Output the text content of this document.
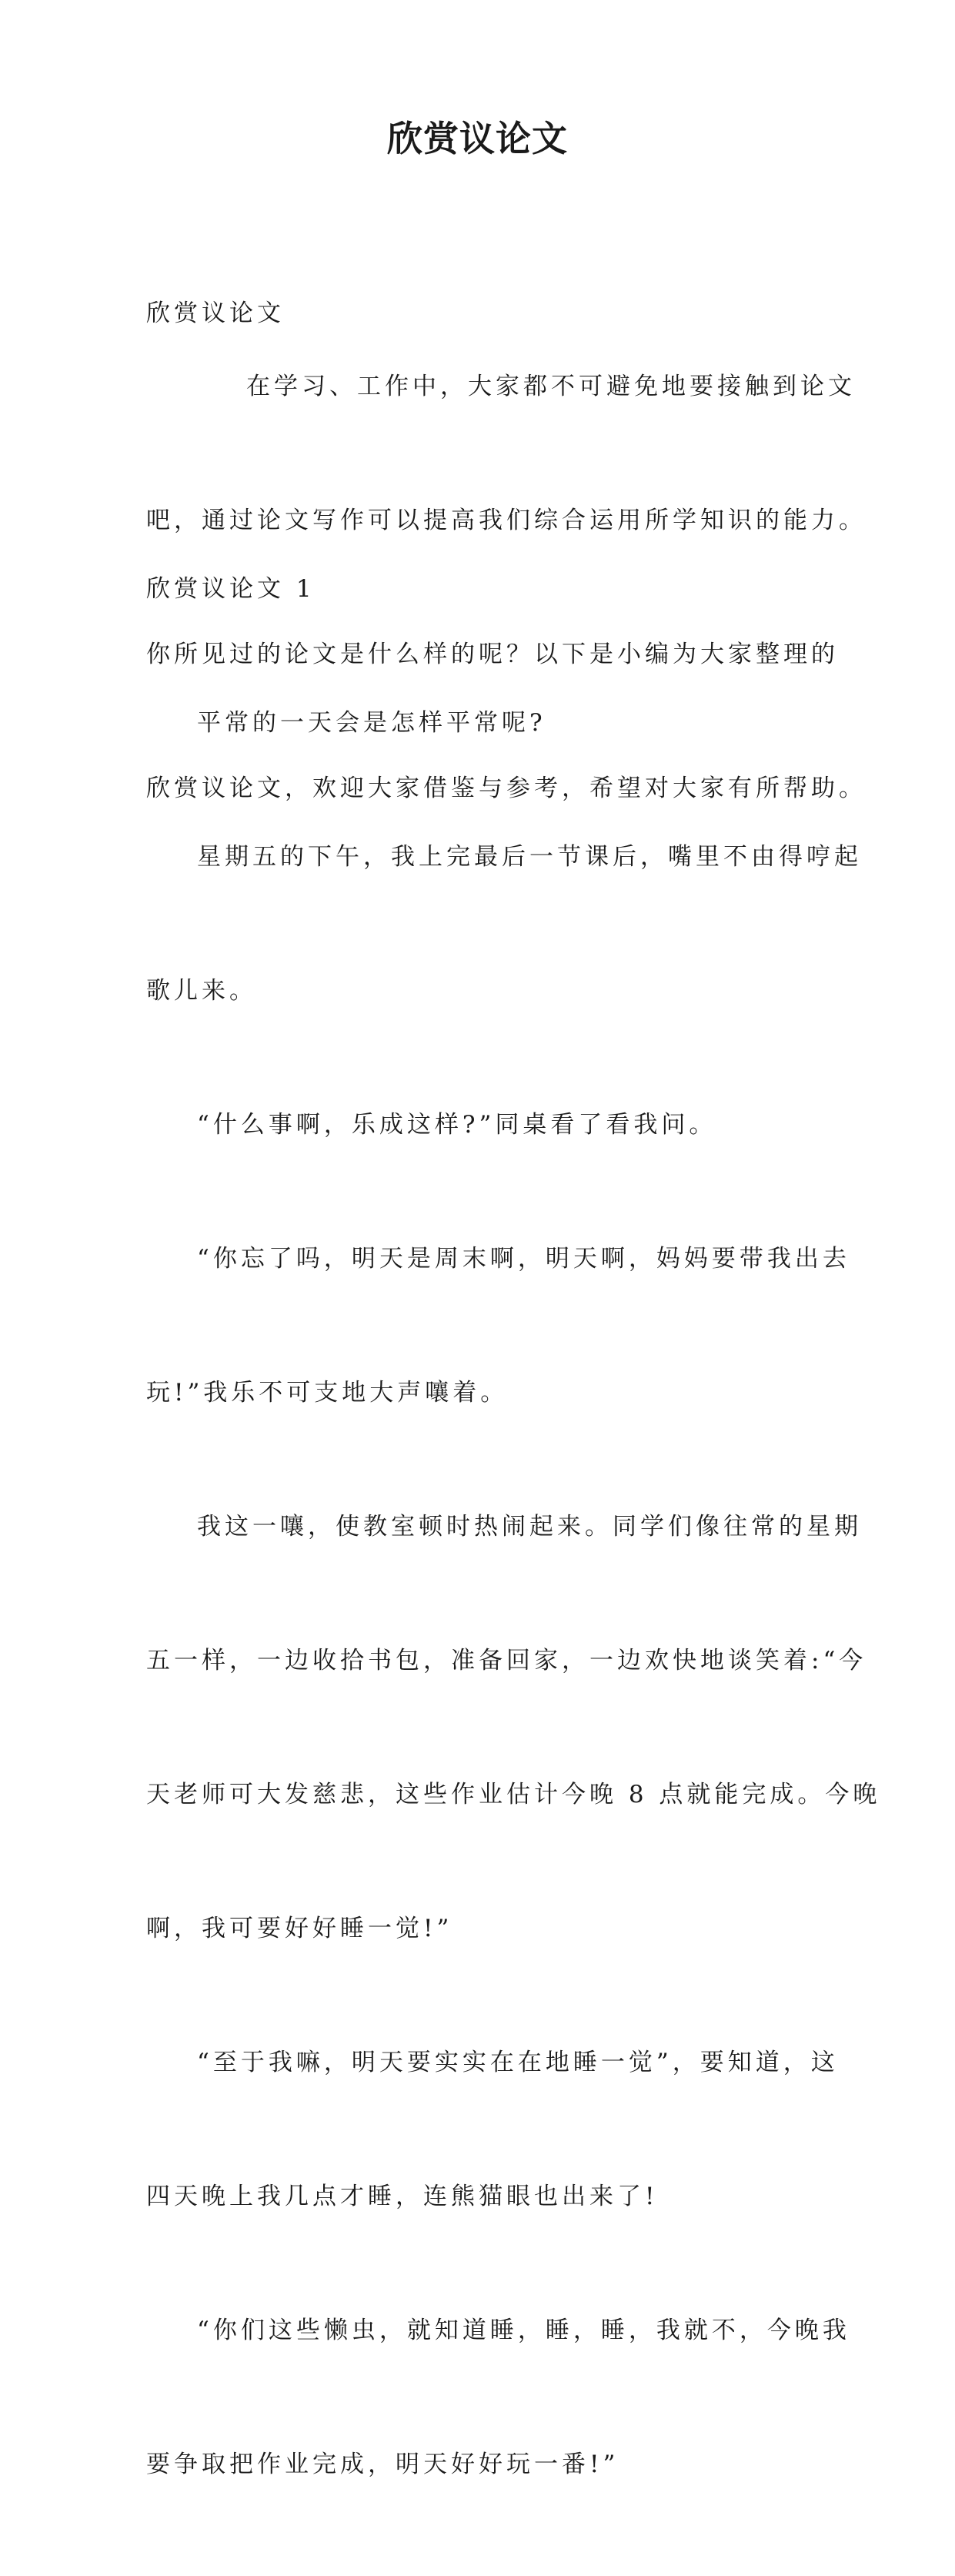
欣赏议论文

欣赏议论文

在学习、工作中，大家都不可避免地要接触到论文

吧，通过论文写作可以提高我们综合运用所学知识的能力。

你所见过的论文是什么样的呢？以下是小编为大家整理的

欣赏议论文，欢迎大家借鉴与参考，希望对大家有所帮助。

欣赏议论文 1

平常的一天会是怎样平常呢?

星期五的下午，我上完最后一节课后，嘴里不由得哼起

歌儿来。

“什么事啊，乐成这样?”同桌看了看我问。

“你忘了吗，明天是周末啊，明天啊，妈妈要带我出去

玩!”我乐不可支地大声嚷着。

我这一嚷，使教室顿时热闹起来。同学们像往常的星期

五一样，一边收拾书包，准备回家，一边欢快地谈笑着:“今

天老师可大发慈悲，这些作业估计今晚 8 点就能完成。今晚

啊，我可要好好睡一觉!”

“至于我嘛，明天要实实在在地睡一觉”，要知道，这

四天晚上我几点才睡，连熊猫眼也出来了!

“你们这些懒虫，就知道睡，睡，睡，我就不，今晚我

要争取把作业完成，明天好好玩一番!”
